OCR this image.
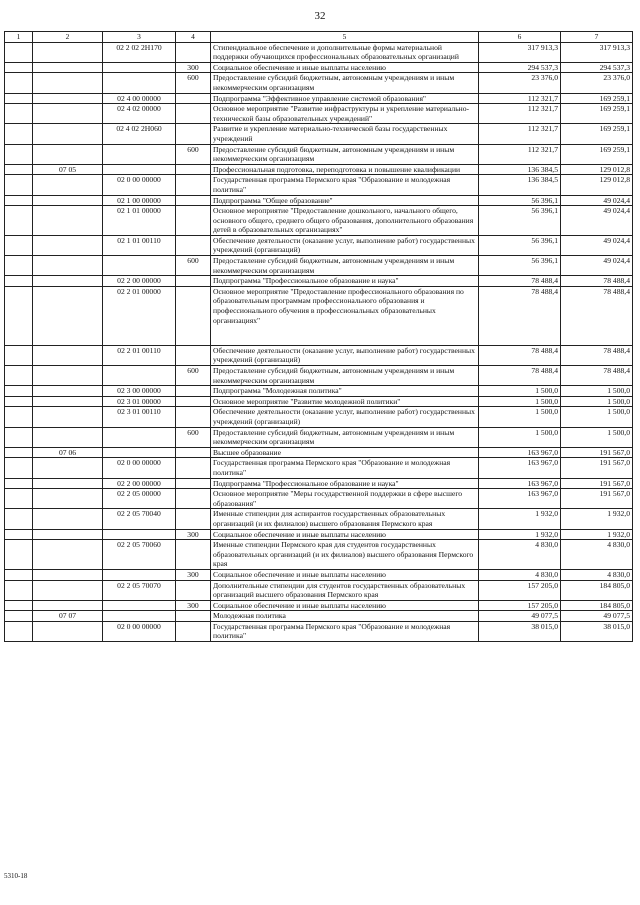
32
1	2	3	4	5	6	7
		02 2 02 2Н170		Стипендиальное обеспечение и дополнительные формы материальной поддержки обучающихся профессиональных образовательных организаций	317 913,3	317 913,3
			300	Социальное обеспечение и иные выплаты населению	294 537,3	294 537,3
			600	Предоставление субсидий бюджетным, автономным учреждениям и иным некоммерческим организациям	23 376,0	23 376,0
		02 4 00 00000		Подпрограмма "Эффективное управление системой образования"	112 321,7	169 259,1
		02 4 02 00000		Основное мероприятие "Развитие инфраструктуры и укрепление материально-технической базы образовательных учреждений"	112 321,7	169 259,1
		02 4 02 2Н060		Развитие и укрепление материально-технической базы государственных учреждений	112 321,7	169 259,1
			600	Предоставление субсидий бюджетным, автономным учреждениям и иным некоммерческим организациям	112 321,7	169 259,1
	07 05			Профессиональная подготовка, переподготовка и повышение квалификации	136 384,5	129 012,8
		02 0 00 00000		Государственная программа Пермского края "Образование и молодежная политика"	136 384,5	129 012,8
		02 1 00 00000		Подпрограмма "Общее образование"	56 396,1	49 024,4
		02 1 01 00000		Основное мероприятие "Предоставление дошкольного, начального общего, основного общего, среднего общего образования, дополнительного образования детей в образовательных организациях"	56 396,1	49 024,4
		02 1 01 00110		Обеспечение деятельности (оказание услуг, выполнение работ) государственных учреждений (организаций)	56 396,1	49 024,4
			600	Предоставление субсидий бюджетным, автономным учреждениям и иным некоммерческим организациям	56 396,1	49 024,4
		02 2 00 00000		Подпрограмма "Профессиональное образование и наука"	78 488,4	78 488,4
		02 2 01 00000		Основное мероприятие "Предоставление профессионального образования по образовательным программам профессионального образования и профессионального обучения в профессиональных образовательных организациях"	78 488,4	78 488,4
		02 2 01 00110		Обеспечение деятельности (оказание услуг, выполнение работ) государственных учреждений (организаций)	78 488,4	78 488,4
			600	Предоставление субсидий бюджетным, автономным учреждениям и иным некоммерческим организациям	78 488,4	78 488,4
		02 3 00 00000		Подпрограмма "Молодежная политика"	1 500,0	1 500,0
		02 3 01 00000		Основное мероприятие "Развитие молодежной политики"	1 500,0	1 500,0
		02 3 01 00110		Обеспечение деятельности (оказание услуг, выполнение работ) государственных учреждений (организаций)	1 500,0	1 500,0
			600	Предоставление субсидий бюджетным, автономным учреждениям и иным некоммерческим организациям	1 500,0	1 500,0
	07 06			Высшее образование	163 967,0	191 567,0
		02 0 00 00000		Государственная программа Пермского края "Образование и молодежная политика"	163 967,0	191 567,0
		02 2 00 00000		Подпрограмма "Профессиональное образование и наука"	163 967,0	191 567,0
		02 2 05 00000		Основное мероприятие "Меры государственной поддержки в сфере высшего образования"	163 967,0	191 567,0
		02 2 05 70040		Именные стипендии для аспирантов государственных образовательных организаций (и их филиалов) высшего образования Пермского края	1 932,0	1 932,0
			300	Социальное обеспечение и иные выплаты населению	1 932,0	1 932,0
		02 2 05 70060		Именные стипендии Пермского края для студентов государственных образовательных организаций (и их филиалов) высшего образования Пермского края	4 830,0	4 830,0
			300	Социальное обеспечение и иные выплаты населению	4 830,0	4 830,0
		02 2 05 70070		Дополнительные стипендии для студентов государственных образовательных организаций высшего образования Пермского края	157 205,0	184 805,0
			300	Социальное обеспечение и иные выплаты населению	157 205,0	184 805,0
	07 07			Молодежная политика	49 077,5	49 077,5
		02 0 00 00000		Государственная программа Пермского края "Образование и молодежная политика"	38 015,0	38 015,0
5310-18
